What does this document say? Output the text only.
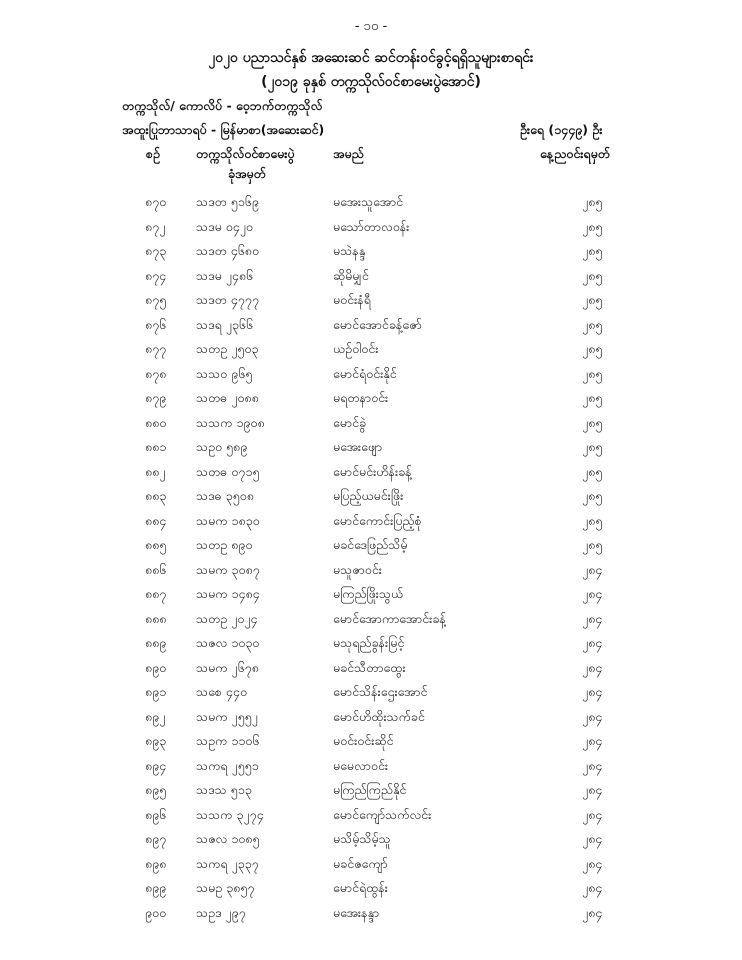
- ၁၀ -
၂၀၂၀ ပညာသင်နှစ် အဆေးဆင် ဆင်တန်းဝင်ခွင့်ရရှိသူများစာရင်း
(၂၀၁၉ ခုနှစ် တက္ကသိုလ်ဝင်စာမေးပွဲအောင်)
တက္ကသိုလ်/ ကောလိပ် - ဝေ့ဘက်တက္ကသိုလ်
အထူးပြုဘာသာရပ် - မြန်မာစာ(အဆေးဆင်)	ဦးရေ (၁၄၄၉) ဦး
စဉ်	တက္ကသိုလ်ဝင်စာမေးပွဲ
ခုံအမှတ်
အမည်	နေ့ညဝင်းရမှတ်
၈၇၀ သဒတ ၅၁၆၉	မအေးသူအောင်	၂၈၅
၈၇၂ သဒမ ၀၄၂၀	မသော်တာလဝန်း	၂၈၅
၈၇၃ သဒတ ၄၆၈၀	မသဲနန္ဒ	၂၈၅
၈၇၄ သဒမ ၂၄၈၆	ဆိုမိမျှင်	၂၈၅
၈၇၅ သဒတ ၄၇၇၇	မဝင်းနံရီ	၂၈၅
၈၇၆ သဒရ ၂၃၆၆	မောင်အောင်ခန့်ဇော်	၂၈၅
၈၇၇ သတဥ ၂၅၀၃	ယဉ်ဝါဝင်း	၂၈၅
၈၇၈ သသဝ ၉၆၅	မောင်ရံဝင်းနိုင်	၂၈၅
၈၇၉ သတဓ ၂၀၈၈	မရတနာဝင်း	၂၈၅
၈၈၀ သသက ၁၉၀၈	မောင်ခွဲ	၂၈၅
၈၈၁ သဥ၀ ၅၈၉	မအေးဖျော	၂၈၅
၈၈၂ သတဓ ၀၇၁၅	မောင်မင်းဟိန်းခန့်	၂၈၅
၈၈၃ သဒဓ ၃၅၀၈	မပြည့်ယမင်းဖြိုး	၂၈၅
၈၈၄ သမက ၁၈၃၀	မောင်ကောင်းပြည့်စုံ	၂၈၅
၈၈၅ သတဥ ၈၉၀	မခင်ဒေဖြည်သိမ့်	၂၈၅
၈၈၆ သမက ၃၀၈၇	မသူဇာဝင်း	၂၈၄
၈၈၇ သမက ၁၄၈၄	မကြည်ဖြိုးသွယ်	၂၈၄
၈၈၈ သတဥ ၂၀၂၄	မောင်အောကာအောင်းခန့်	၂၈၄
၈၈၉ သဇလ ၁၀၃၀	မသုရည်ခွန်းမြင့်	၂၈၄
၈၉၀ သမက ၂၆၇၈	မခင်သီတာထွေး	၂၈၄
၈၉၁ သစေ ၄၄၀	မောင်သိန်းဌေးအောင်	၂၈၄
၈၉၂ သမက ၂၅၅၂	မောင်ဟိထိုးသက်ခင်	၂၈၄
၈၉၃ သဥက ၁၁၀၆	မဝင်းဝင်းဆိုင်	၂၈၄
၈၉၄ သကရ ၂၅၅၁	မမေလာဝင်း	၂၈၄
၈၉၅ သဒသ ၅၁၃	မကြည်ကြည်နိုင်	၂၈၄
၈၉၆ သသက ၃၂၇၄	မောင်ကျော်သက်လင်း	၂၈၄
၈၉၇ သဇလ ၁၀၈၅	မသိမ့်သိမ့်သူ	၂၈၄
၈၉၈ သကရ ၂၃၃၇	မခင်ဇကျော်	၂၈၄
၈၉၉ သမဥ ၃၈၅၇	မောင်ရဲထွန်း	၂၈၄
၉၀၀ သဥဒ ၂၉၇	မအေးနန္ဒာ	၂၈၄
